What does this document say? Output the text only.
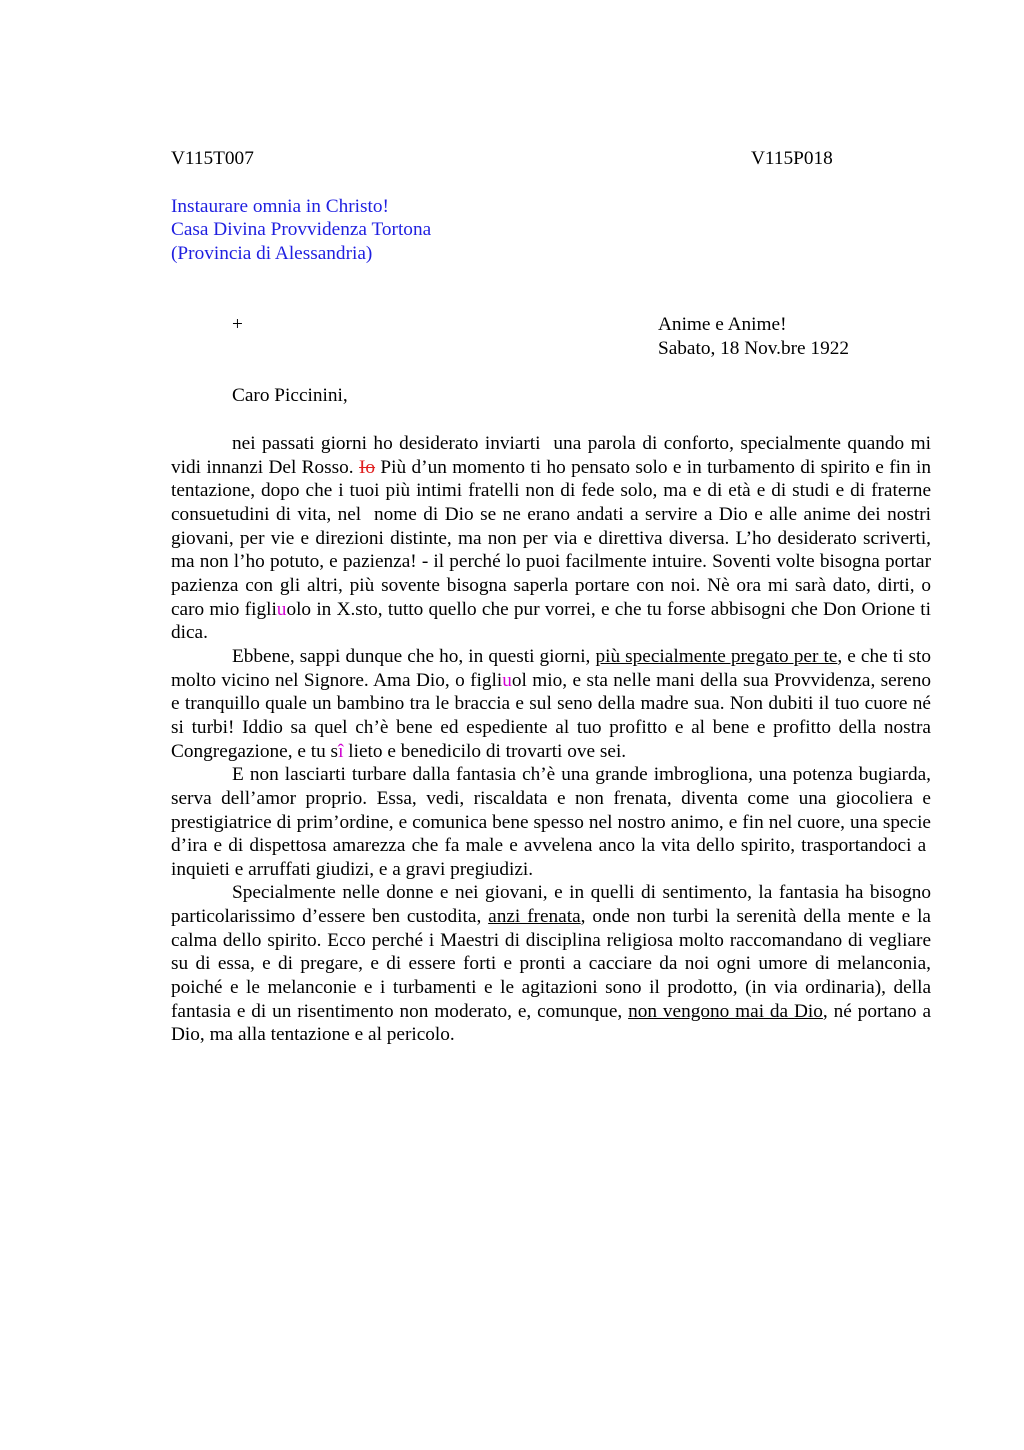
V115T007	V115P018
Instaurare omnia in Christo!
Casa Divina Provvidenza Tortona
(Provincia di Alessandria)
+	Anime e Anime!
Sabato, 18 Nov.bre 1922
Caro Piccinini,

nei passati giorni ho desiderato inviarti  una parola di conforto, specialmente quando mi vidi innanzi Del Rosso. Io Più d’un momento ti ho pensato solo e in turbamento di spirito e fin in tentazione, dopo che i tuoi più intimi fratelli non di fede solo, ma e di età e di studi e di fraterne consuetudini di vita, nel  nome di Dio se ne erano andati a servire a Dio e alle anime dei nostri giovani, per vie e direzioni distinte, ma non per via e direttiva diversa. L’ho desiderato scriverti, ma non l’ho potuto, e pazienza! - il perché lo puoi facilmente intuire. Soventi volte bisogna portar pazienza con gli altri, più sovente bisogna saperla portare con noi. Nè ora mi sarà dato, dirti, o caro mio figliuolo in X.sto, tutto quello che pur vorrei, e che tu forse abbisogni che Don Orione ti dica.

Ebbene, sappi dunque che ho, in questi giorni, più specialmente pregato per te, e che ti sto molto vicino nel Signore. Ama Dio, o figliuol mio, e sta nelle mani della sua Provvidenza, sereno e tranquillo quale un bambino tra le braccia e sul seno della madre sua. Non dubiti il tuo cuore né si turbi! Iddio sa quel ch’è bene ed espediente al tuo profitto e al bene e profitto della nostra Congregazione, e tu sî lieto e benedicilo di trovarti ove sei.

E non lasciarti turbare dalla fantasia ch’è una grande imbrogliona, una potenza bugiarda, serva dell’amor proprio. Essa, vedi, riscaldata e non frenata, diventa come una giocoliera e prestigiatrice di prim’ordine, e comunica bene spesso nel nostro animo, e fin nel cuore, una specie d’ira e di dispettosa amarezza che fa male e avvelena anco la vita dello spirito, trasportandoci a  inquieti e arruffati giudizi, e a gravi pregiudizi.

Specialmente nelle donne e nei giovani, e in quelli di sentimento, la fantasia ha bisogno particolarissimo d’essere ben custodita, anzi frenata, onde non turbi la serenità della mente e la calma dello spirito. Ecco perché i Maestri di disciplina religiosa molto raccomandano di vegliare su di essa, e di pregare, e di essere forti e pronti a cacciare da noi ogni umore di melanconia, poiché e le melanconie e i turbamenti e le agitazioni sono il prodotto, (in via ordinaria), della fantasia e di un risentimento non moderato, e, comunque, non vengono mai da Dio, né portano a Dio, ma alla tentazione e al pericolo.
